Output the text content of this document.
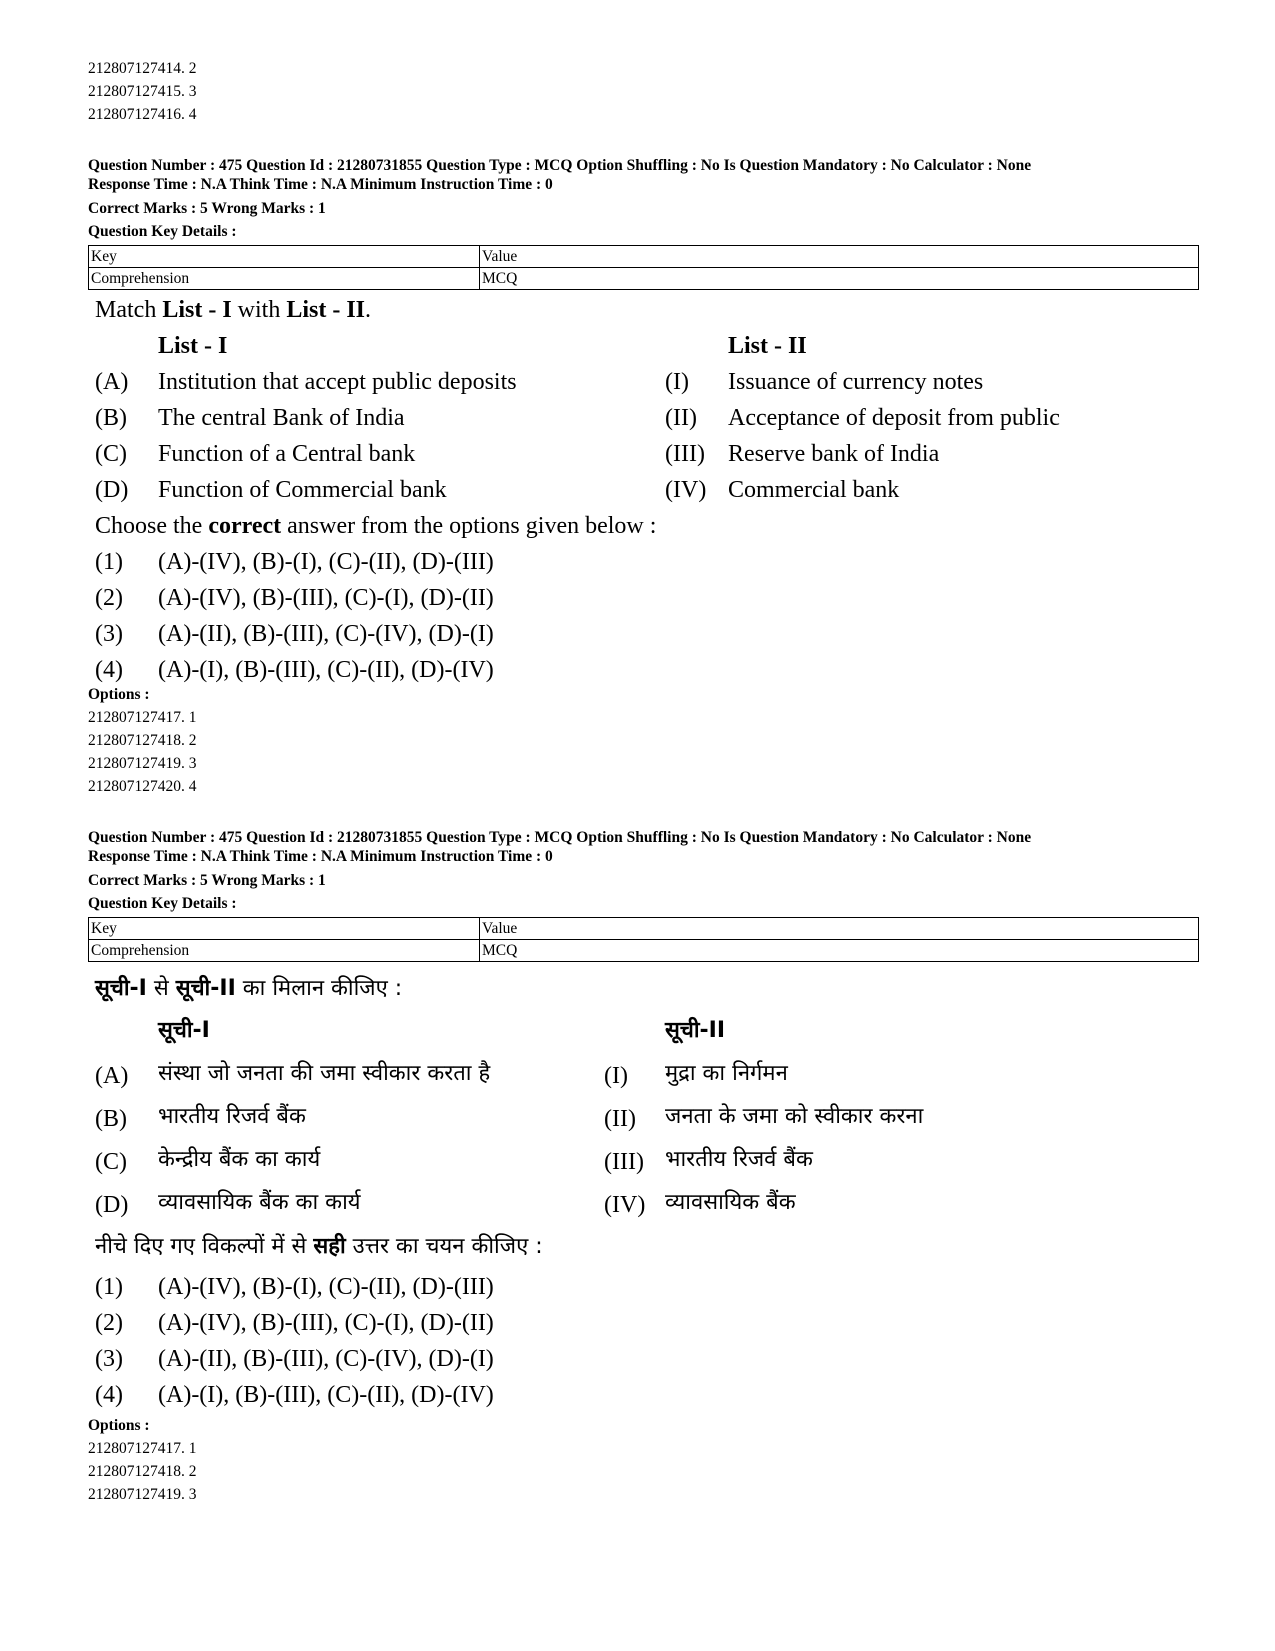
212807127414. 2
212807127415. 3
212807127416. 4
Question Number : 475 Question Id : 21280731855 Question Type : MCQ Option Shuffling : No Is Question Mandatory : No Calculator : None
Response Time : N.A Think Time : N.A Minimum Instruction Time : 0
Correct Marks : 5 Wrong Marks : 1
Question Key Details :
Key	Value
Comprehension	MCQ
Match List - I with List - II.
List - I	List - II
(A) Institution that accept public deposits	(I) Issuance of currency notes
(B) The central Bank of India	(II) Acceptance of deposit from public
(C) Function of a Central bank	(III) Reserve bank of India
(D) Function of Commercial bank	(IV) Commercial bank
Choose the correct answer from the options given below :
(1) (A)-(IV), (B)-(I), (C)-(II), (D)-(III)
(2) (A)-(IV), (B)-(III), (C)-(I), (D)-(II)
(3) (A)-(II), (B)-(III), (C)-(IV), (D)-(I)
(4) (A)-(I), (B)-(III), (C)-(II), (D)-(IV)
Options :
212807127417. 1
212807127418. 2
212807127419. 3
212807127420. 4
Question Number : 475 Question Id : 21280731855 Question Type : MCQ Option Shuffling : No Is Question Mandatory : No Calculator : None
Response Time : N.A Think Time : N.A Minimum Instruction Time : 0
Correct Marks : 5 Wrong Marks : 1
Question Key Details :
Key	Value
Comprehension	MCQ
सूची-I से सूची-II का मिलान कीजिए :
सूची-I	सूची-II
(A) संस्था जो जनता की जमा स्वीकार करता है	(I) मुद्रा का निर्गमन
(B) भारतीय रिजर्व बैंक	(II) जनता के जमा को स्वीकार करना
(C) केन्द्रीय बैंक का कार्य	(III) भारतीय रिजर्व बैंक
(D) व्यावसायिक बैंक का कार्य	(IV) व्यावसायिक बैंक
नीचे दिए गए विकल्पों में से सही उत्तर का चयन कीजिए :
(1) (A)-(IV), (B)-(I), (C)-(II), (D)-(III)
(2) (A)-(IV), (B)-(III), (C)-(I), (D)-(II)
(3) (A)-(II), (B)-(III), (C)-(IV), (D)-(I)
(4) (A)-(I), (B)-(III), (C)-(II), (D)-(IV)
Options :
212807127417. 1
212807127418. 2
212807127419. 3
